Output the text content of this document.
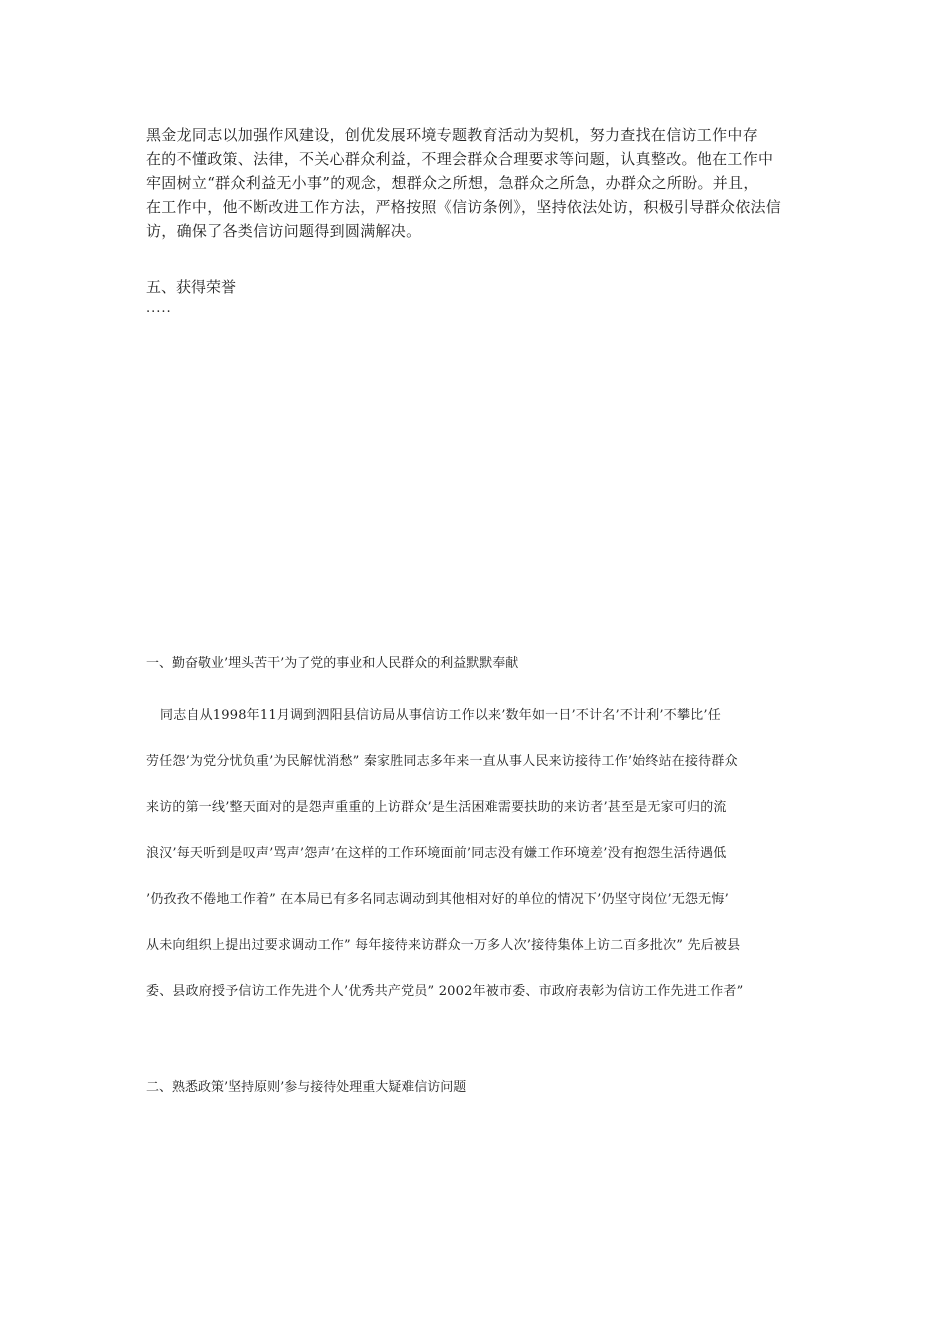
黑金龙同志以加强作风建设，创优发展环境专题教育活动为契机，努力查找在信访工作中存
在的不懂政策、法律，不关心群众利益，不理会群众合理要求等问题，认真整改。他在工作中
牢固树立“群众利益无小事”的观念，想群众之所想，急群众之所急，办群众之所盼。并且，
在工作中，他不断改进工作方法，严格按照《信访条例》，坚持依法处访，积极引导群众依法信
访，确保了各类信访问题得到圆满解决。
五、获得荣誉
.....
一、勤奋敬业’埋头苦干’为了党的事业和人民群众的利益默默奉献
同志自从1998年11月调到泗阳县信访局从事信访工作以来’数年如一日’不计名’不计利’不攀比’任
劳任怨’为党分忧负重’为民解忧消愁” 秦家胜同志多年来一直从事人民来访接待工作’始终站在接待群众
来访的第一线’整天面对的是怨声重重的上访群众’是生活困难需要扶助的来访者’甚至是无家可归的流
浪汉’每天听到是叹声’骂声’怨声’在这样的工作环境面前’同志没有嫌工作环境差’没有抱怨生活待遇低
’仍孜孜不倦地工作着” 在本局已有多名同志调动到其他相对好的单位的情况下’仍坚守岗位’无怨无悔’
从未向组织上提出过要求调动工作” 每年接待来访群众一万多人次’接待集体上访二百多批次” 先后被县
委、县政府授予信访工作先进个人’优秀共产党员” 2002年被市委、市政府表彰为信访工作先进工作者”
二、熟悉政策’坚持原则’参与接待处理重大疑难信访问题
